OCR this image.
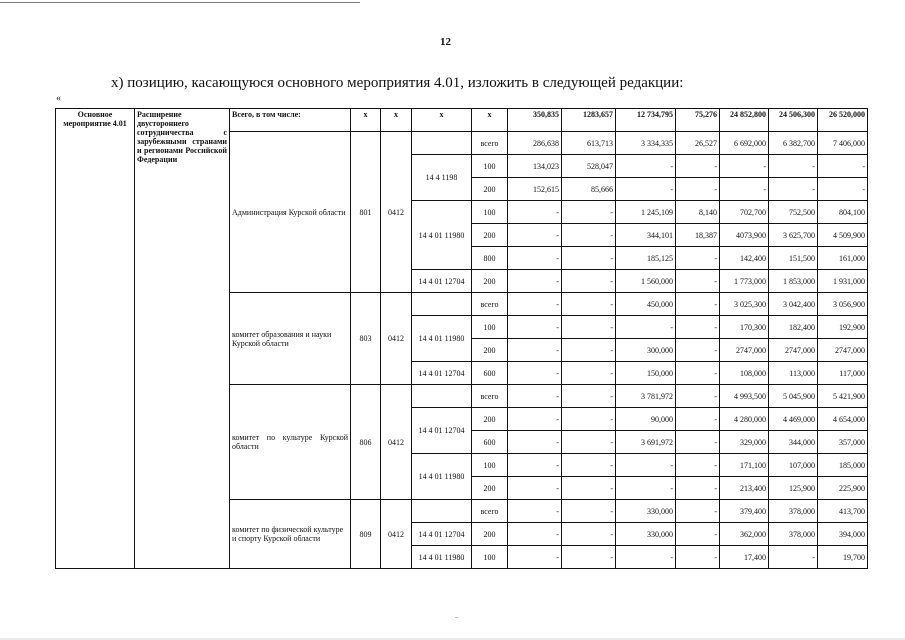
12
х) позицию, касающуюся основного мероприятия 4.01, изложить в следующей редакции:
«
Основное мероприятие 4.01	Расширение двустороннего сотрудничества с зарубежными странами и регионами Российской Федерации	Всего, в том числе:	x	x	x	x	350,835	1283,657	12 734,795	75,276	24 852,800	24 506,300	26 520,000
		Администрация Курской области	801	0412		всего	286,638	613,713	3 334,335	26,527	6 692,000	6 382,700	7 406,000
					14 4 1198	100	134,023	528,047	-	-	-	-	-
						200	152,615	85,666	-	-	-	-	-
					14 4 01 11980	100	-	-	1 245,109	8,140	702,700	752,500	804,100
						200	-	-	344,101	18,387	4073,900	3 625,700	4 509,900
						800	-	-	185,125	-	142,400	151,500	161,000
					14 4 01 12704	200	-	-	1 560,000	-	1 773,000	1 853,000	1 931,000
		комитет образования и науки Курской области	803	0412		всего	-	-	450,000	-	3 025,300	3 042,400	3 056,900
					14 4 01 11980	100	-	-	-	-	170,300	182,400	192,900
						200	-	-	300,000	-	2747,000	2747,000	2747,000
					14 4 01 12704	600	-	-	150,000	-	108,000	113,000	117,000
		комитет по культуре Курской области	806	0412		всего	-	-	3 781,972	-	4 993,500	5 045,900	5 421,900
					14 4 01 12704	200	-	-	90,000	-	4 280,000	4 469,000	4 654,000
						600	-	-	3 691,972	-	329,000	344,000	357,000
					14 4 01 11980	100	-	-	-	-	171,100	107,000	185,000
						200	-	-	-	-	213,400	125,900	225,900
		комитет по физической культуре и спорту Курской области	809	0412		всего	-	-	330,000	-	379,400	378,000	413,700
					14 4 01 12704	200	-	-	330,000	-	362,000	378,000	394,000
					14 4 01 11980	100	-	-	-	-	17,400	-	19,700
